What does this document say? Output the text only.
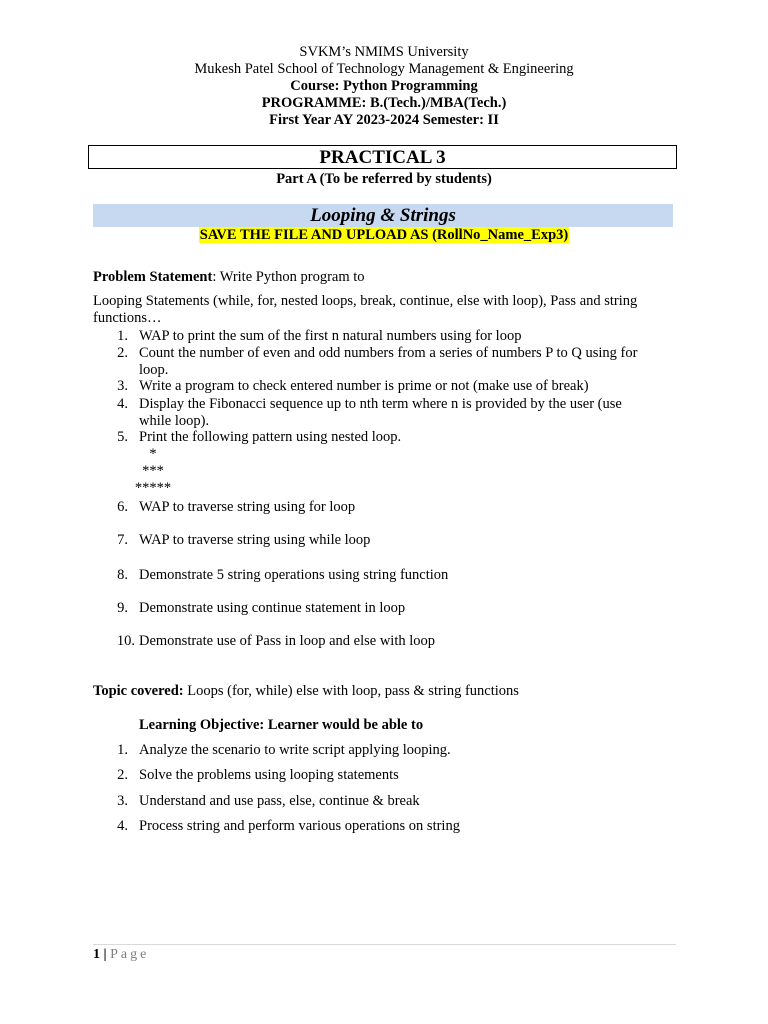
SVKM’s NMIMS University
Mukesh Patel School of Technology Management & Engineering
Course: Python Programming
PROGRAMME: B.(Tech.)/MBA(Tech.)
First Year AY 2023-2024 Semester: II
PRACTICAL 3
Part A (To be referred by students)
Looping & Strings
SAVE THE FILE AND UPLOAD AS (RollNo_Name_Exp3)
Problem Statement: Write Python program to
Looping Statements (while, for, nested loops, break, continue, else with loop), Pass and string
functions…
1. WAP to print the sum of the first n natural numbers using for loop
2. Count the number of even and odd numbers from a series of numbers P to Q using for
loop.
3. Write a program to check entered number is prime or not (make use of break)
4. Display the Fibonacci sequence up to nth term where n is provided by the user (use
while loop).
5. Print the following pattern using nested loop.
*
***
*****
6. WAP to traverse string using for loop
7. WAP to traverse string using while loop
8. Demonstrate 5 string operations using string function
9. Demonstrate using continue statement in loop
10. Demonstrate use of Pass in loop and else with loop
Topic covered: Loops (for, while) else with loop, pass & string functions
Learning Objective: Learner would be able to
1. Analyze the scenario to write script applying looping.
2. Solve the problems using looping statements
3. Understand and use pass, else, continue & break
4. Process string and perform various operations on string
1 | Page
